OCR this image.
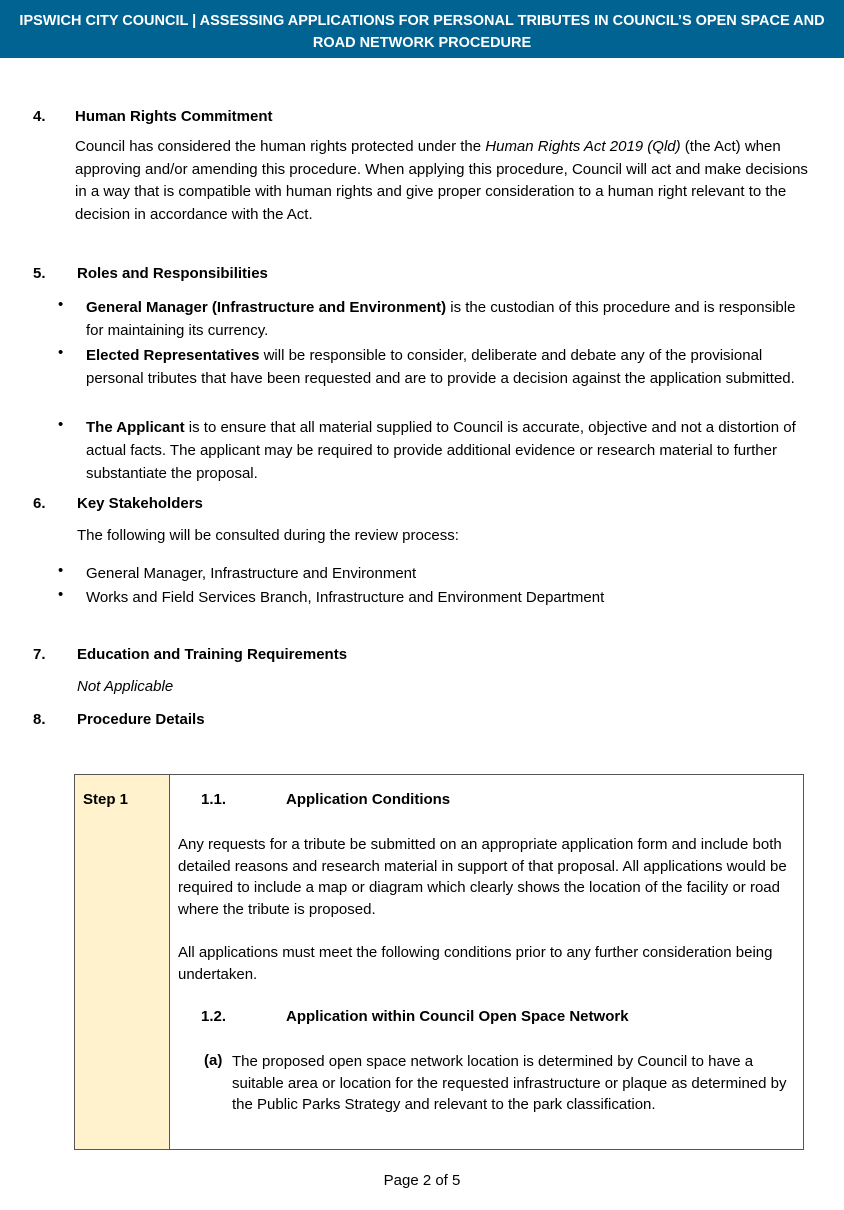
IPSWICH CITY COUNCIL | ASSESSING APPLICATIONS FOR PERSONAL TRIBUTES IN COUNCIL’S OPEN SPACE AND
ROAD NETWORK PROCEDURE
4. Human Rights Commitment
Council has considered the human rights protected under the Human Rights Act 2019 (Qld) (the Act) when approving and/or amending this procedure. When applying this procedure, Council will act and make decisions in a way that is compatible with human rights and give proper consideration to a human right relevant to the decision in accordance with the Act.
5. Roles and Responsibilities
• General Manager (Infrastructure and Environment) is the custodian of this procedure and is responsible for maintaining its currency.
• Elected Representatives will be responsible to consider, deliberate and debate any of the provisional personal tributes that have been requested and are to provide a decision against the application submitted.
• The Applicant is to ensure that all material supplied to Council is accurate, objective and not a distortion of actual facts. The applicant may be required to provide additional evidence or research material to further substantiate the proposal.
6. Key Stakeholders
The following will be consulted during the review process:
• General Manager, Infrastructure and Environment
• Works and Field Services Branch, Infrastructure and Environment Department
7. Education and Training Requirements
Not Applicable
8. Procedure Details
Step 1	1.1.	Application Conditions
Any requests for a tribute be submitted on an appropriate application form and include both detailed reasons and research material in support of that proposal. All applications would be required to include a map or diagram which clearly shows the location of the facility or road where the tribute is proposed.
All applications must meet the following conditions prior to any further consideration being undertaken.
1.2.	Application within Council Open Space Network
(a) The proposed open space network location is determined by Council to have a suitable area or location for the requested infrastructure or plaque as determined by the Public Parks Strategy and relevant to the park classification.
Page 2 of 5
